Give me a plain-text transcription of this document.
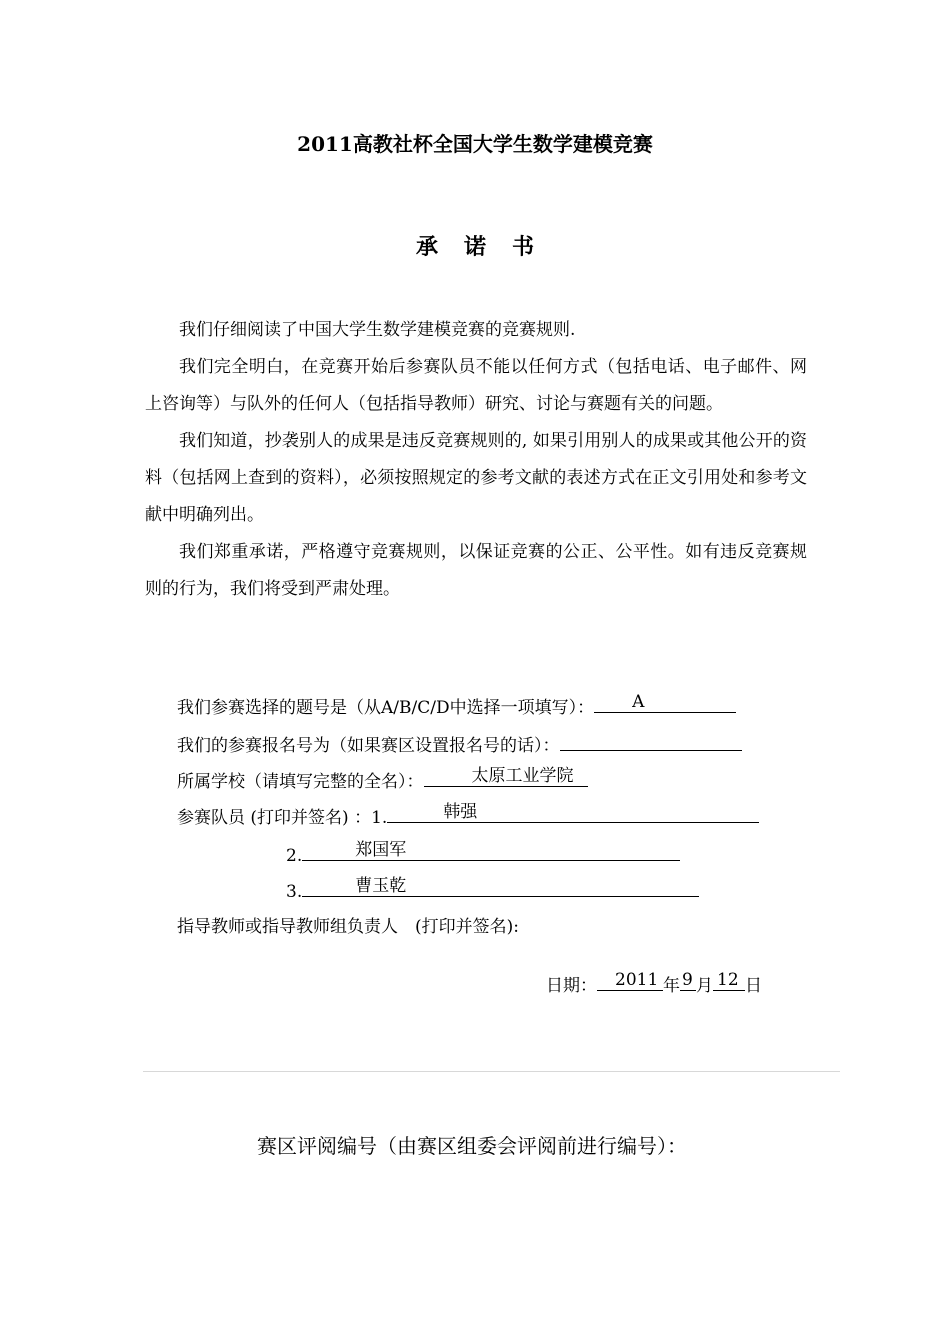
2011高教社杯全国大学生数学建模竞赛
承诺书

我们仔细阅读了中国大学生数学建模竞赛的竞赛规则.

我们完全明白，在竞赛开始后参赛队员不能以任何方式（包括电话、电子邮件、网上咨询等）与队外的任何人（包括指导教师）研究、讨论与赛题有关的问题。

我们知道，抄袭别人的成果是违反竞赛规则的, 如果引用别人的成果或其他公开的资料（包括网上查到的资料），必须按照规定的参考文献的表述方式在正文引用处和参考文献中明确列出。

我们郑重承诺，严格遵守竞赛规则，以保证竞赛的公正、公平性。如有违反竞赛规则的行为，我们将受到严肃处理。

我们参赛选择的题号是（从A/B/C/D中选择一项填写）： A
我们的参赛报名号为（如果赛区设置报名号的话）：
所属学校（请填写完整的全名）：	太原工业学院
参赛队员 (打印并签名) ：1.	韩强
2.	郑国军
3.	曹玉乾
指导教师或指导教师组负责人　(打印并签名):
日期： 2011 年 9 月 12 日
赛区评阅编号（由赛区组委会评阅前进行编号）：
